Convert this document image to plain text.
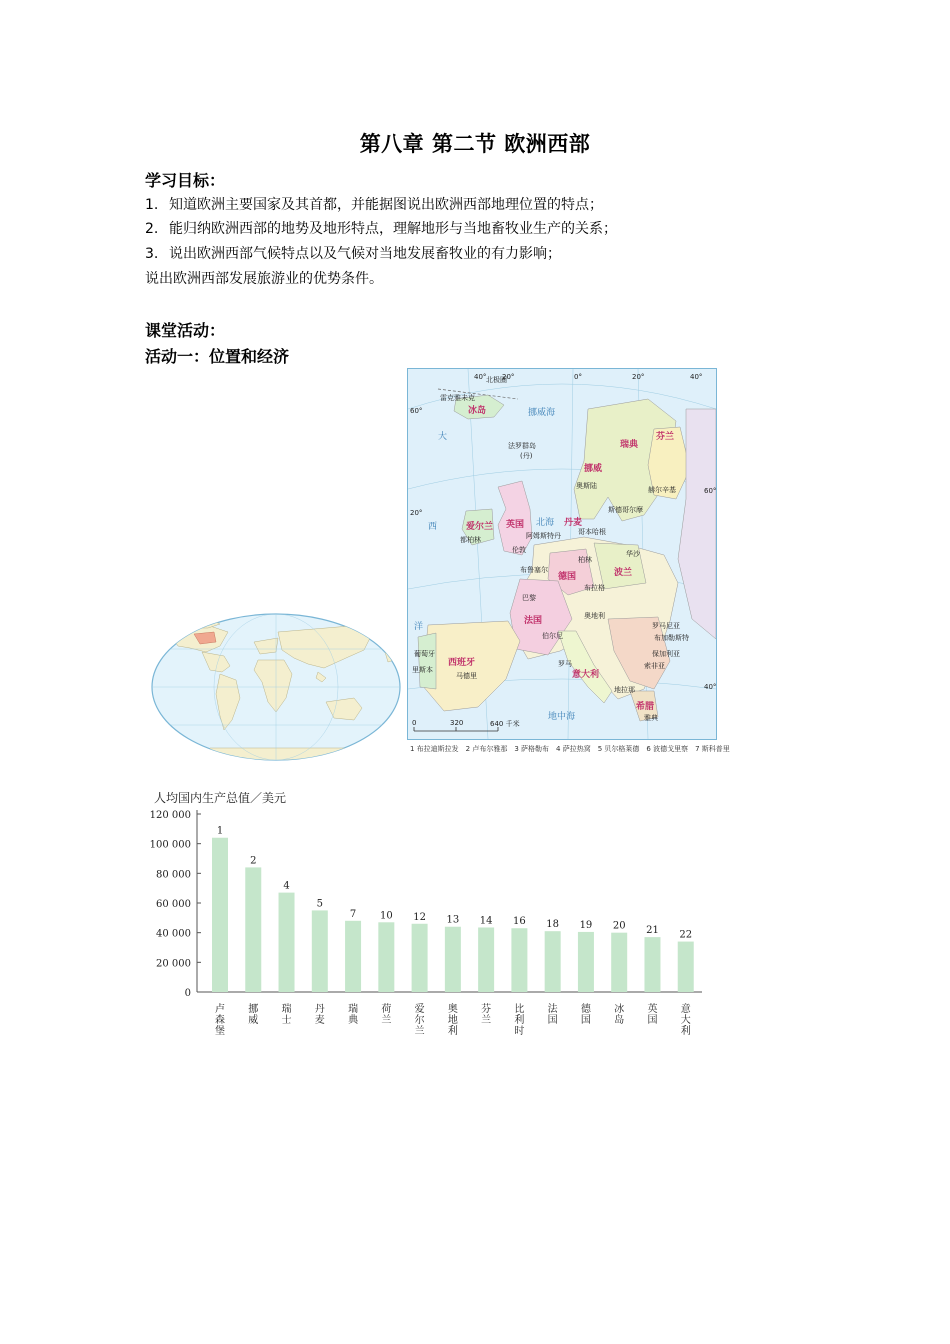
第八章 第二节 欧洲西部
学习目标：
1. 知道欧洲主要国家及其首都，并能据图说出欧洲西部地理位置的特点；
2. 能归纳欧洲西部的地势及地形特点，理解地形与当地畜牧业生产的关系；
3. 说出欧洲西部气候特点以及气候对当地发展畜牧业的有力影响；
说出欧洲西部发展旅游业的优势条件。
课堂活动：
活动一：位置和经济
40° 20°	0°	20°	40°
60°
60°
40°
20°
北极圈
冰岛
雷克雅未克
法罗群岛
(丹)
挪威海
大
西
洋
北海
挪威
瑞典
芬兰
奥斯陆
斯德哥尔摩
赫尔辛基
爱尔兰
都柏林
英国
伦敦
丹麦
哥本哈根
阿姆斯特丹
柏林
德国	波兰
华沙
布鲁塞尔
巴黎
法国
布拉格
伯尔尼
奥地利
罗马尼亚
布加勒斯特
保加利亚
索非亚
西班牙
马德里
葡萄牙
里斯本	意大利
罗马
希腊
雅典
地中海
地拉那
0	320	640 千米
1 布拉迪斯拉发　2 卢布尔雅那　3 萨格勒布　4 萨拉热窝　5 贝尔格莱德　6 波德戈里察　7 斯科普里
人均国内生产总值／美元
0
20 000
40 000
60 000
80 000
100 000
120 000
1
卢森堡
2
挪威
4
瑞士
5
丹麦
7
瑞典
10
荷兰
12
爱尔兰
13
奥地利
14
芬兰
16
比利时
18
法国
19
德国
20
冰岛
21
英国
22
意大利
